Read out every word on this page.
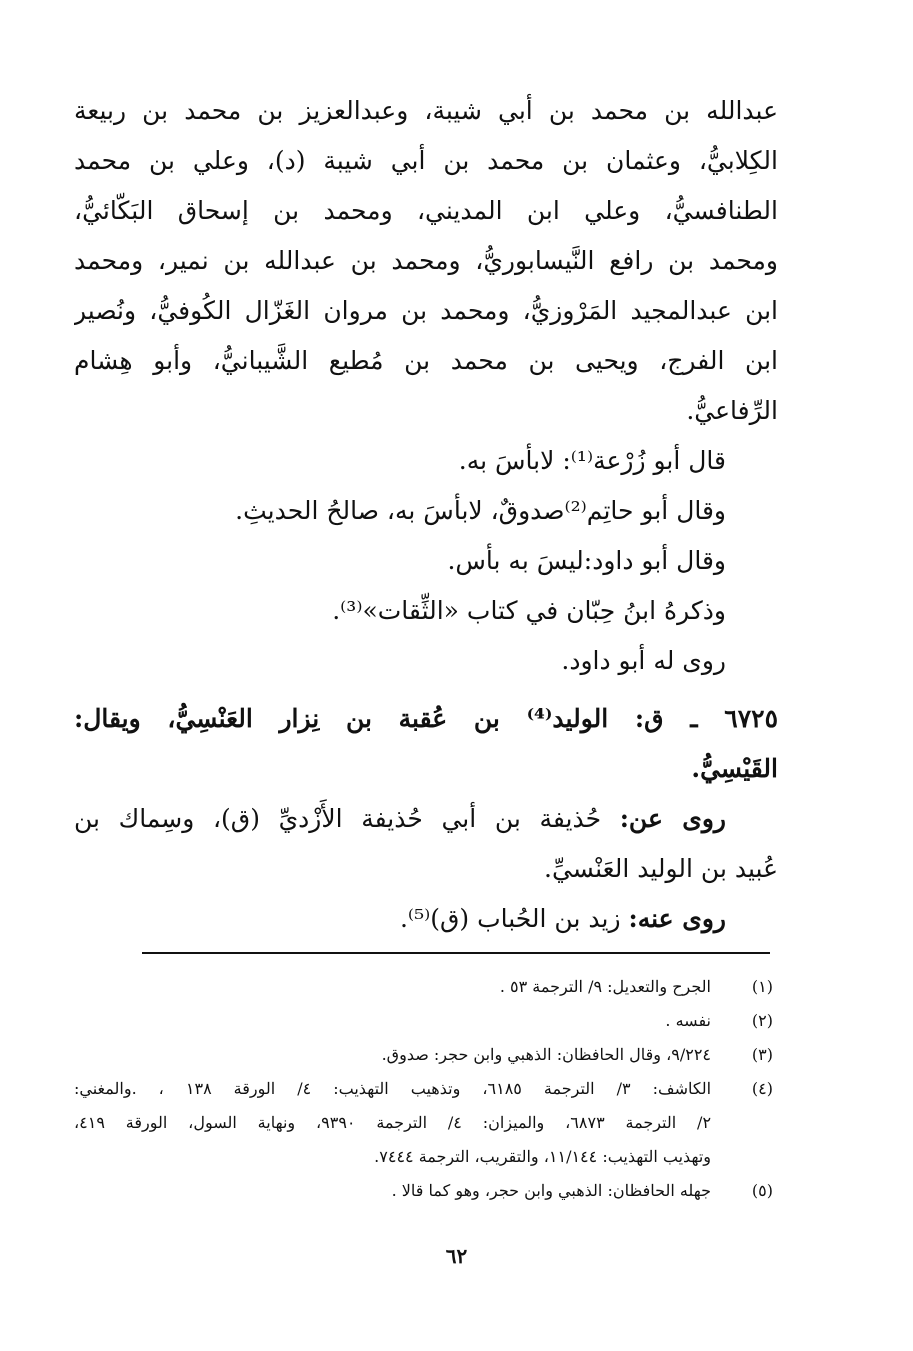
عبدالله بن محمد بن أبي شيبة، وعبدالعزيز بن محمد بن ربيعة
الكِلابيُّ، وعثمان بن محمد بن أبي شيبة (د)، وعلي بن محمد
الطنافسيُّ، وعلي ابن المديني، ومحمد بن إسحاق البَكّائيُّ،
ومحمد بن رافع النَّيسابوريُّ، ومحمد بن عبدالله بن نمير، ومحمد
ابن عبدالمجيد المَرْوزيُّ، ومحمد بن مروان الغَزّال الكُوفيُّ، ونُصير
ابن الفرج، ويحيى بن محمد بن مُطيع الشَّيبانيُّ، وأبو هِشام
الرِّفاعيُّ.
قال أبو زُرْعة⁽¹⁾: لابأسَ به.
وقال أبو حاتِم⁽²⁾صدوقٌ، لابأسَ به، صالحُ الحديثِ.
وقال أبو داود:ليسَ به بأس.
وذكرهُ ابنُ حِبّان في كتاب «الثِّقات»⁽³⁾.
روى له أبو داود.
٦٧٢٥ ـ ق: الوليد⁽⁴⁾ بن عُقبة بن نِزار العَنْسِيُّ، ويقال:
القَيْسِيُّ.
روى عن: حُذيفة بن أبي حُذيفة الأَزْديِّ (ق)، وسِماك بن
عُبيد بن الوليد العَنْسيِّ.
روى عنه: زيد بن الحُباب (ق)⁽⁵⁾.
(١)
الجرح والتعديل: ٩/ الترجمة ٥٣ .
(٢)
نفسه .
(٣)
٩/٢٢٤، وقال الحافظان: الذهبي وابن حجر: صدوق.
(٤)
الكاشف: ٣/ الترجمة ٦١٨٥، وتذهيب التهذيب: ٤/ الورقة ١٣٨ ، .والمغني:
٢/ الترجمة ٦٨٧٣، والميزان: ٤/ الترجمة ٩٣٩٠، ونهاية السول، الورقة ٤١٩،
وتهذيب التهذيب: ١١/١٤٤، والتقريب، الترجمة ٧٤٤٤.
(٥)
جهله الحافظان: الذهبي وابن حجر، وهو كما قالا .
٦٢
